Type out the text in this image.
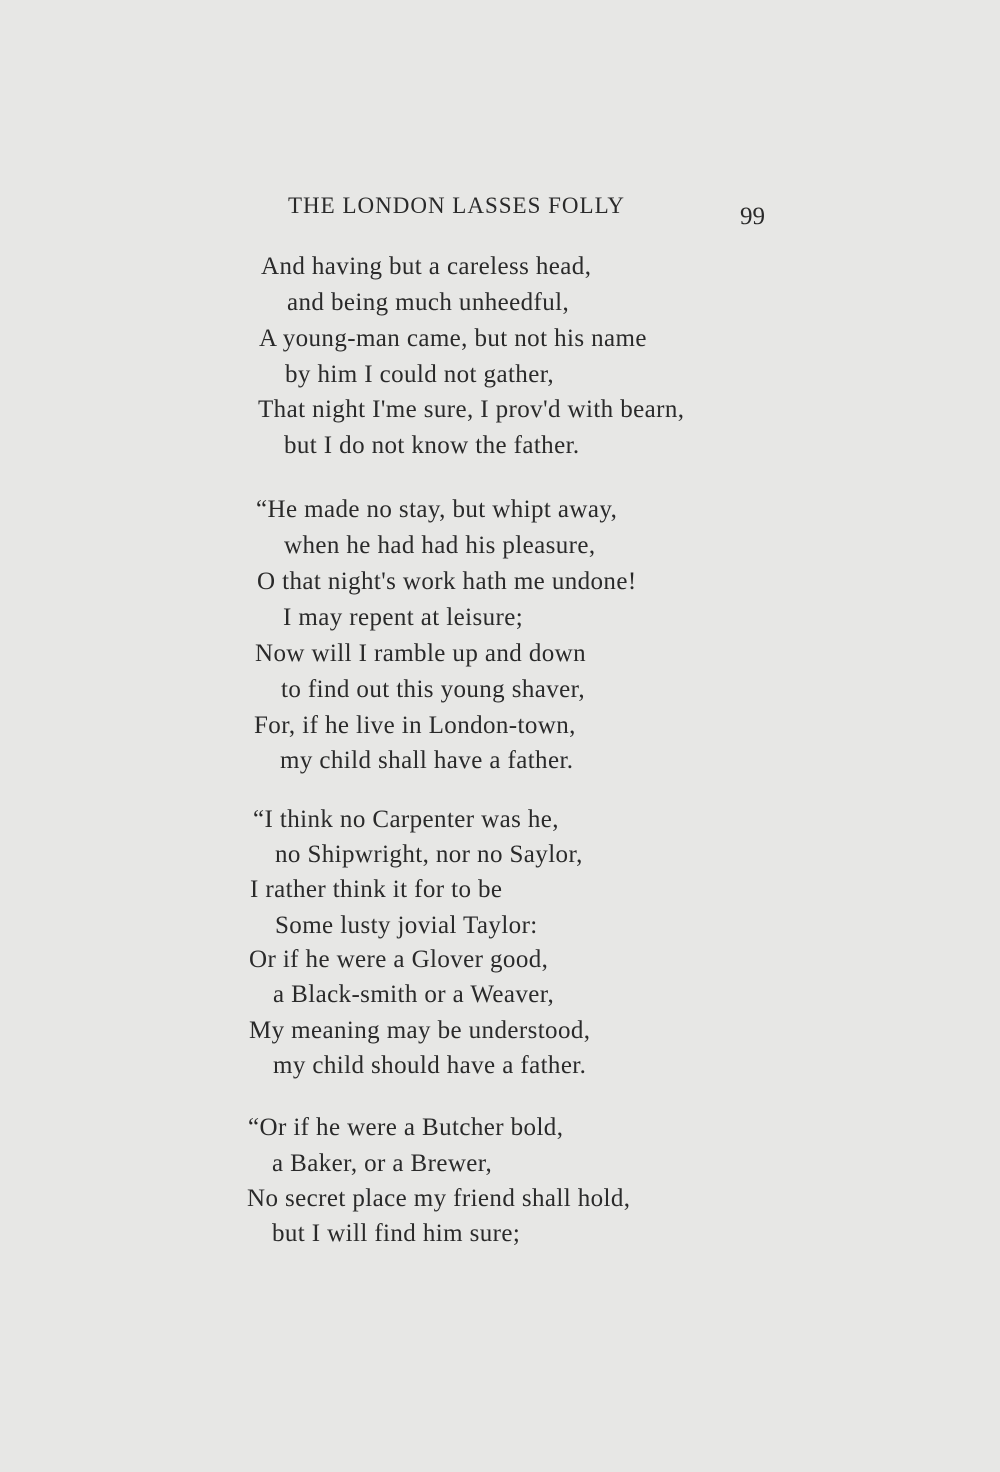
THE LONDON LASSES FOLLY	99
And having but a careless head,
and being much unheedful,
A young-man came, but not his name
by him I could not gather,
That night I'me sure, I prov'd with bearn,
but I do not know the father.
“He made no stay, but whipt away,
when he had had his pleasure,
O that night's work hath me undone!
I may repent at leisure;
Now will I ramble up and down
to find out this young shaver,
For, if he live in London-town,
my child shall have a father.
“I think no Carpenter was he,
no Shipwright, nor no Saylor,
I rather think it for to be
Some lusty jovial Taylor:
Or if he were a Glover good,
a Black-smith or a Weaver,
My meaning may be understood,
my child should have a father.
“Or if he were a Butcher bold,
a Baker, or a Brewer,
No secret place my friend shall hold,
but I will find him sure;
